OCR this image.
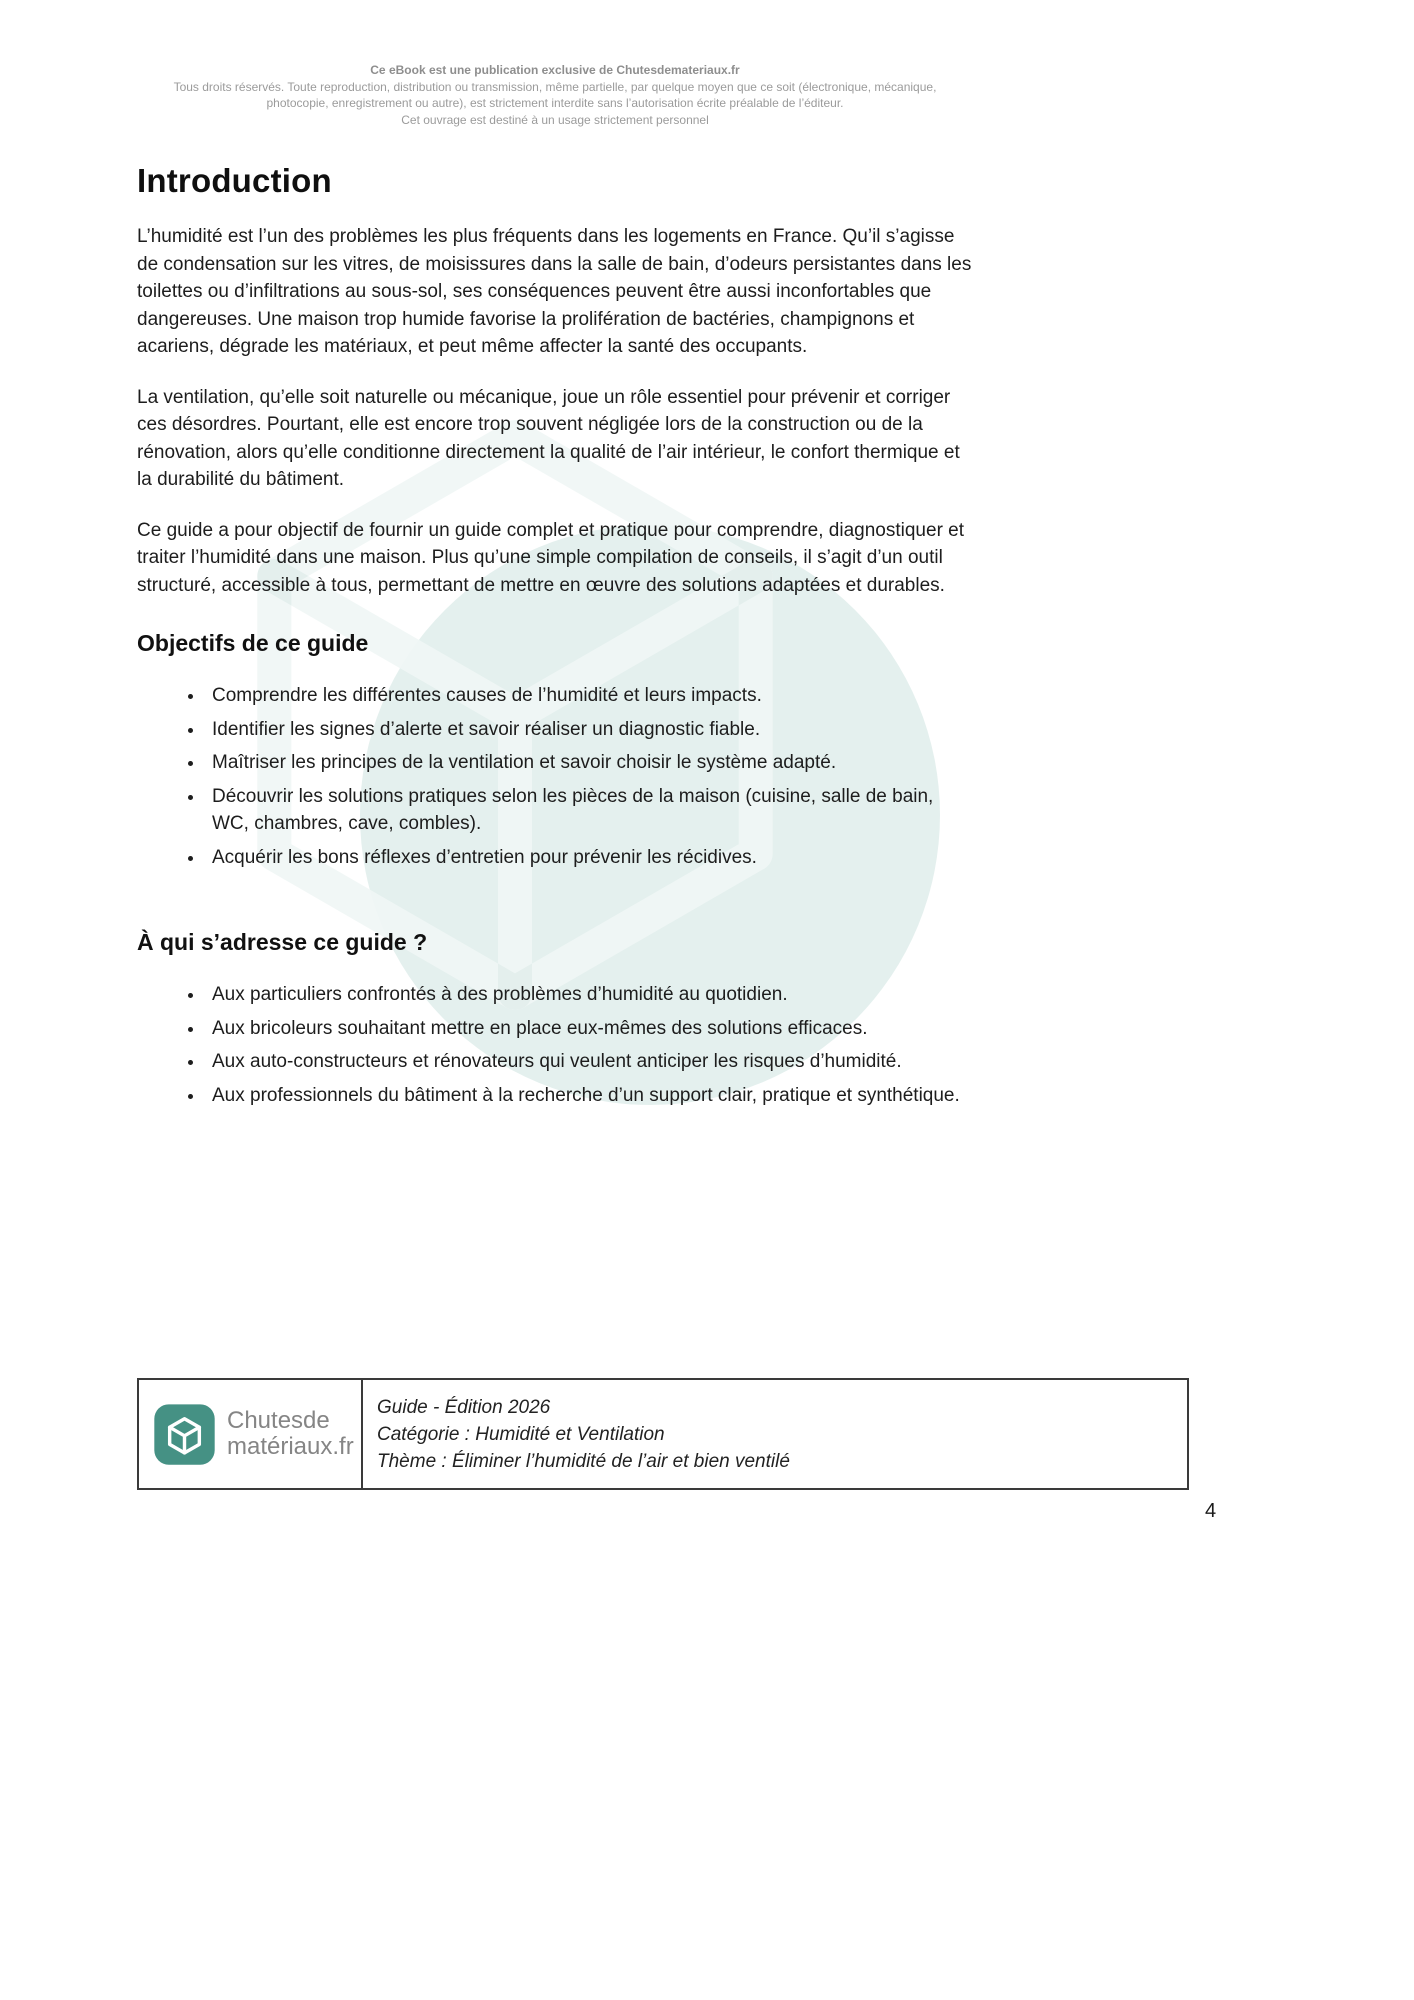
Ce eBook est une publication exclusive de Chutesdemateriaux.fr
Tous droits réservés. Toute reproduction, distribution ou transmission, même partielle, par quelque moyen que ce soit (électronique, mécanique,
photocopie, enregistrement ou autre), est strictement interdite sans l’autorisation écrite préalable de l’éditeur.
Cet ouvrage est destiné à un usage strictement personnel
Introduction

L’humidité est l’un des problèmes les plus fréquents dans les logements en France. Qu’il s’agisse de condensation sur les vitres, de moisissures dans la salle de bain, d’odeurs persistantes dans les toilettes ou d’infiltrations au sous-sol, ses conséquences peuvent être aussi inconfortables que dangereuses. Une maison trop humide favorise la prolifération de bactéries, champignons et acariens, dégrade les matériaux, et peut même affecter la santé des occupants.

La ventilation, qu’elle soit naturelle ou mécanique, joue un rôle essentiel pour prévenir et corriger ces désordres. Pourtant, elle est encore trop souvent négligée lors de la construction ou de la rénovation, alors qu’elle conditionne directement la qualité de l’air intérieur, le confort thermique et la durabilité du bâtiment.

Ce guide a pour objectif de fournir un guide complet et pratique pour comprendre, diagnostiquer et traiter l’humidité dans une maison. Plus qu’une simple compilation de conseils, il s’agit d’un outil structuré, accessible à tous, permettant de mettre en œuvre des solutions adaptées et durables.

Objectifs de ce guide
• Comprendre les différentes causes de l’humidité et leurs impacts.
• Identifier les signes d’alerte et savoir réaliser un diagnostic fiable.
• Maîtriser les principes de la ventilation et savoir choisir le système adapté.
• Découvrir les solutions pratiques selon les pièces de la maison (cuisine, salle de bain, WC, chambres, cave, combles).
• Acquérir les bons réflexes d’entretien pour prévenir les récidives.
À qui s’adresse ce guide ?
• Aux particuliers confrontés à des problèmes d’humidité au quotidien.
• Aux bricoleurs souhaitant mettre en place eux-mêmes des solutions efficaces.
• Aux auto-constructeurs et rénovateurs qui veulent anticiper les risques d’humidité.
• Aux professionnels du bâtiment à la recherche d’un support clair, pratique et synthétique.
Chutesde
matériaux.fr
Guide - Édition 2026
Catégorie : Humidité et Ventilation
Thème : Éliminer l’humidité de l’air et bien ventilé
4
